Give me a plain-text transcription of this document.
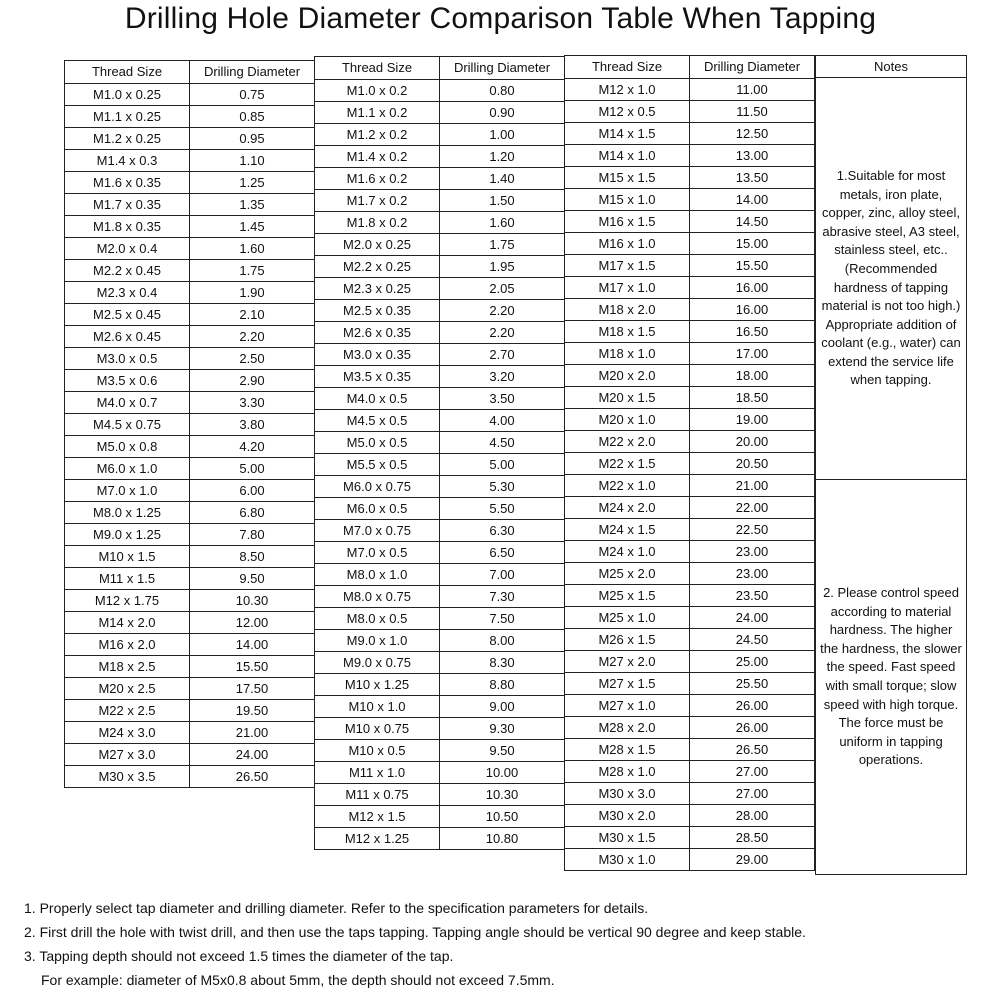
Drilling Hole Diameter Comparison Table When Tapping
Thread Size	Drilling Diameter
M1.0 x 0.25	0.75
M1.1 x 0.25	0.85
M1.2 x 0.25	0.95
M1.4 x 0.3	1.10
M1.6 x 0.35	1.25
M1.7 x 0.35	1.35
M1.8 x 0.35	1.45
M2.0 x 0.4	1.60
M2.2 x 0.45	1.75
M2.3 x 0.4	1.90
M2.5 x 0.45	2.10
M2.6 x 0.45	2.20
M3.0 x 0.5	2.50
M3.5 x 0.6	2.90
M4.0 x 0.7	3.30
M4.5 x 0.75	3.80
M5.0 x 0.8	4.20
M6.0 x 1.0	5.00
M7.0 x 1.0	6.00
M8.0 x 1.25	6.80
M9.0 x 1.25	7.80
M10 x 1.5	8.50
M11 x 1.5	9.50
M12 x 1.75	10.30
M14 x 2.0	12.00
M16 x 2.0	14.00
M18 x 2.5	15.50
M20 x 2.5	17.50
M22 x 2.5	19.50
M24 x 3.0	21.00
M27 x 3.0	24.00
M30 x 3.5	26.50
Thread Size	Drilling Diameter
M1.0 x 0.2	0.80
M1.1 x 0.2	0.90
M1.2 x 0.2	1.00
M1.4 x 0.2	1.20
M1.6 x 0.2	1.40
M1.7 x 0.2	1.50
M1.8 x 0.2	1.60
M2.0 x 0.25	1.75
M2.2 x 0.25	1.95
M2.3 x 0.25	2.05
M2.5 x 0.35	2.20
M2.6 x 0.35	2.20
M3.0 x 0.35	2.70
M3.5 x 0.35	3.20
M4.0 x 0.5	3.50
M4.5 x 0.5	4.00
M5.0 x 0.5	4.50
M5.5 x 0.5	5.00
M6.0 x 0.75	5.30
M6.0 x 0.5	5.50
M7.0 x 0.75	6.30
M7.0 x 0.5	6.50
M8.0 x 1.0	7.00
M8.0 x 0.75	7.30
M8.0 x 0.5	7.50
M9.0 x 1.0	8.00
M9.0 x 0.75	8.30
M10 x 1.25	8.80
M10 x 1.0	9.00
M10 x 0.75	9.30
M10 x 0.5	9.50
M11 x 1.0	10.00
M11 x 0.75	10.30
M12 x 1.5	10.50
M12 x 1.25	10.80
Thread Size	Drilling Diameter
M12 x 1.0	11.00
M12 x 0.5	11.50
M14 x 1.5	12.50
M14 x 1.0	13.00
M15 x 1.5	13.50
M15 x 1.0	14.00
M16 x 1.5	14.50
M16 x 1.0	15.00
M17 x 1.5	15.50
M17 x 1.0	16.00
M18 x 2.0	16.00
M18 x 1.5	16.50
M18 x 1.0	17.00
M20 x 2.0	18.00
M20 x 1.5	18.50
M20 x 1.0	19.00
M22 x 2.0	20.00
M22 x 1.5	20.50
M22 x 1.0	21.00
M24 x 2.0	22.00
M24 x 1.5	22.50
M24 x 1.0	23.00
M25 x 2.0	23.00
M25 x 1.5	23.50
M25 x 1.0	24.00
M26 x 1.5	24.50
M27 x 2.0	25.00
M27 x 1.5	25.50
M27 x 1.0	26.00
M28 x 2.0	26.00
M28 x 1.5	26.50
M28 x 1.0	27.00
M30 x 3.0	27.00
M30 x 2.0	28.00
M30 x 1.5	28.50
M30 x 1.0	29.00
Notes
1.Suitable for most metals, iron plate, copper, zinc, alloy steel, abrasive steel, A3 steel, stainless steel, etc..(Recommended hardness of tapping material is not too high.) Appropriate addition of coolant (e.g., water) can extend the service life when tapping.
2. Please control speed according to material hardness. The higher the hardness, the slower the speed. Fast speed with small torque; slow speed with high torque. The force must be uniform in tapping operations.
1. Properly select tap diameter and drilling diameter. Refer to the specification parameters for details.
2. First drill the hole with twist drill, and then use the taps tapping. Tapping angle should be vertical 90 degree and keep stable.
3. Tapping depth should not exceed 1.5 times the diameter of the tap.
For example: diameter of M5x0.8 about 5mm, the depth should not exceed 7.5mm.
